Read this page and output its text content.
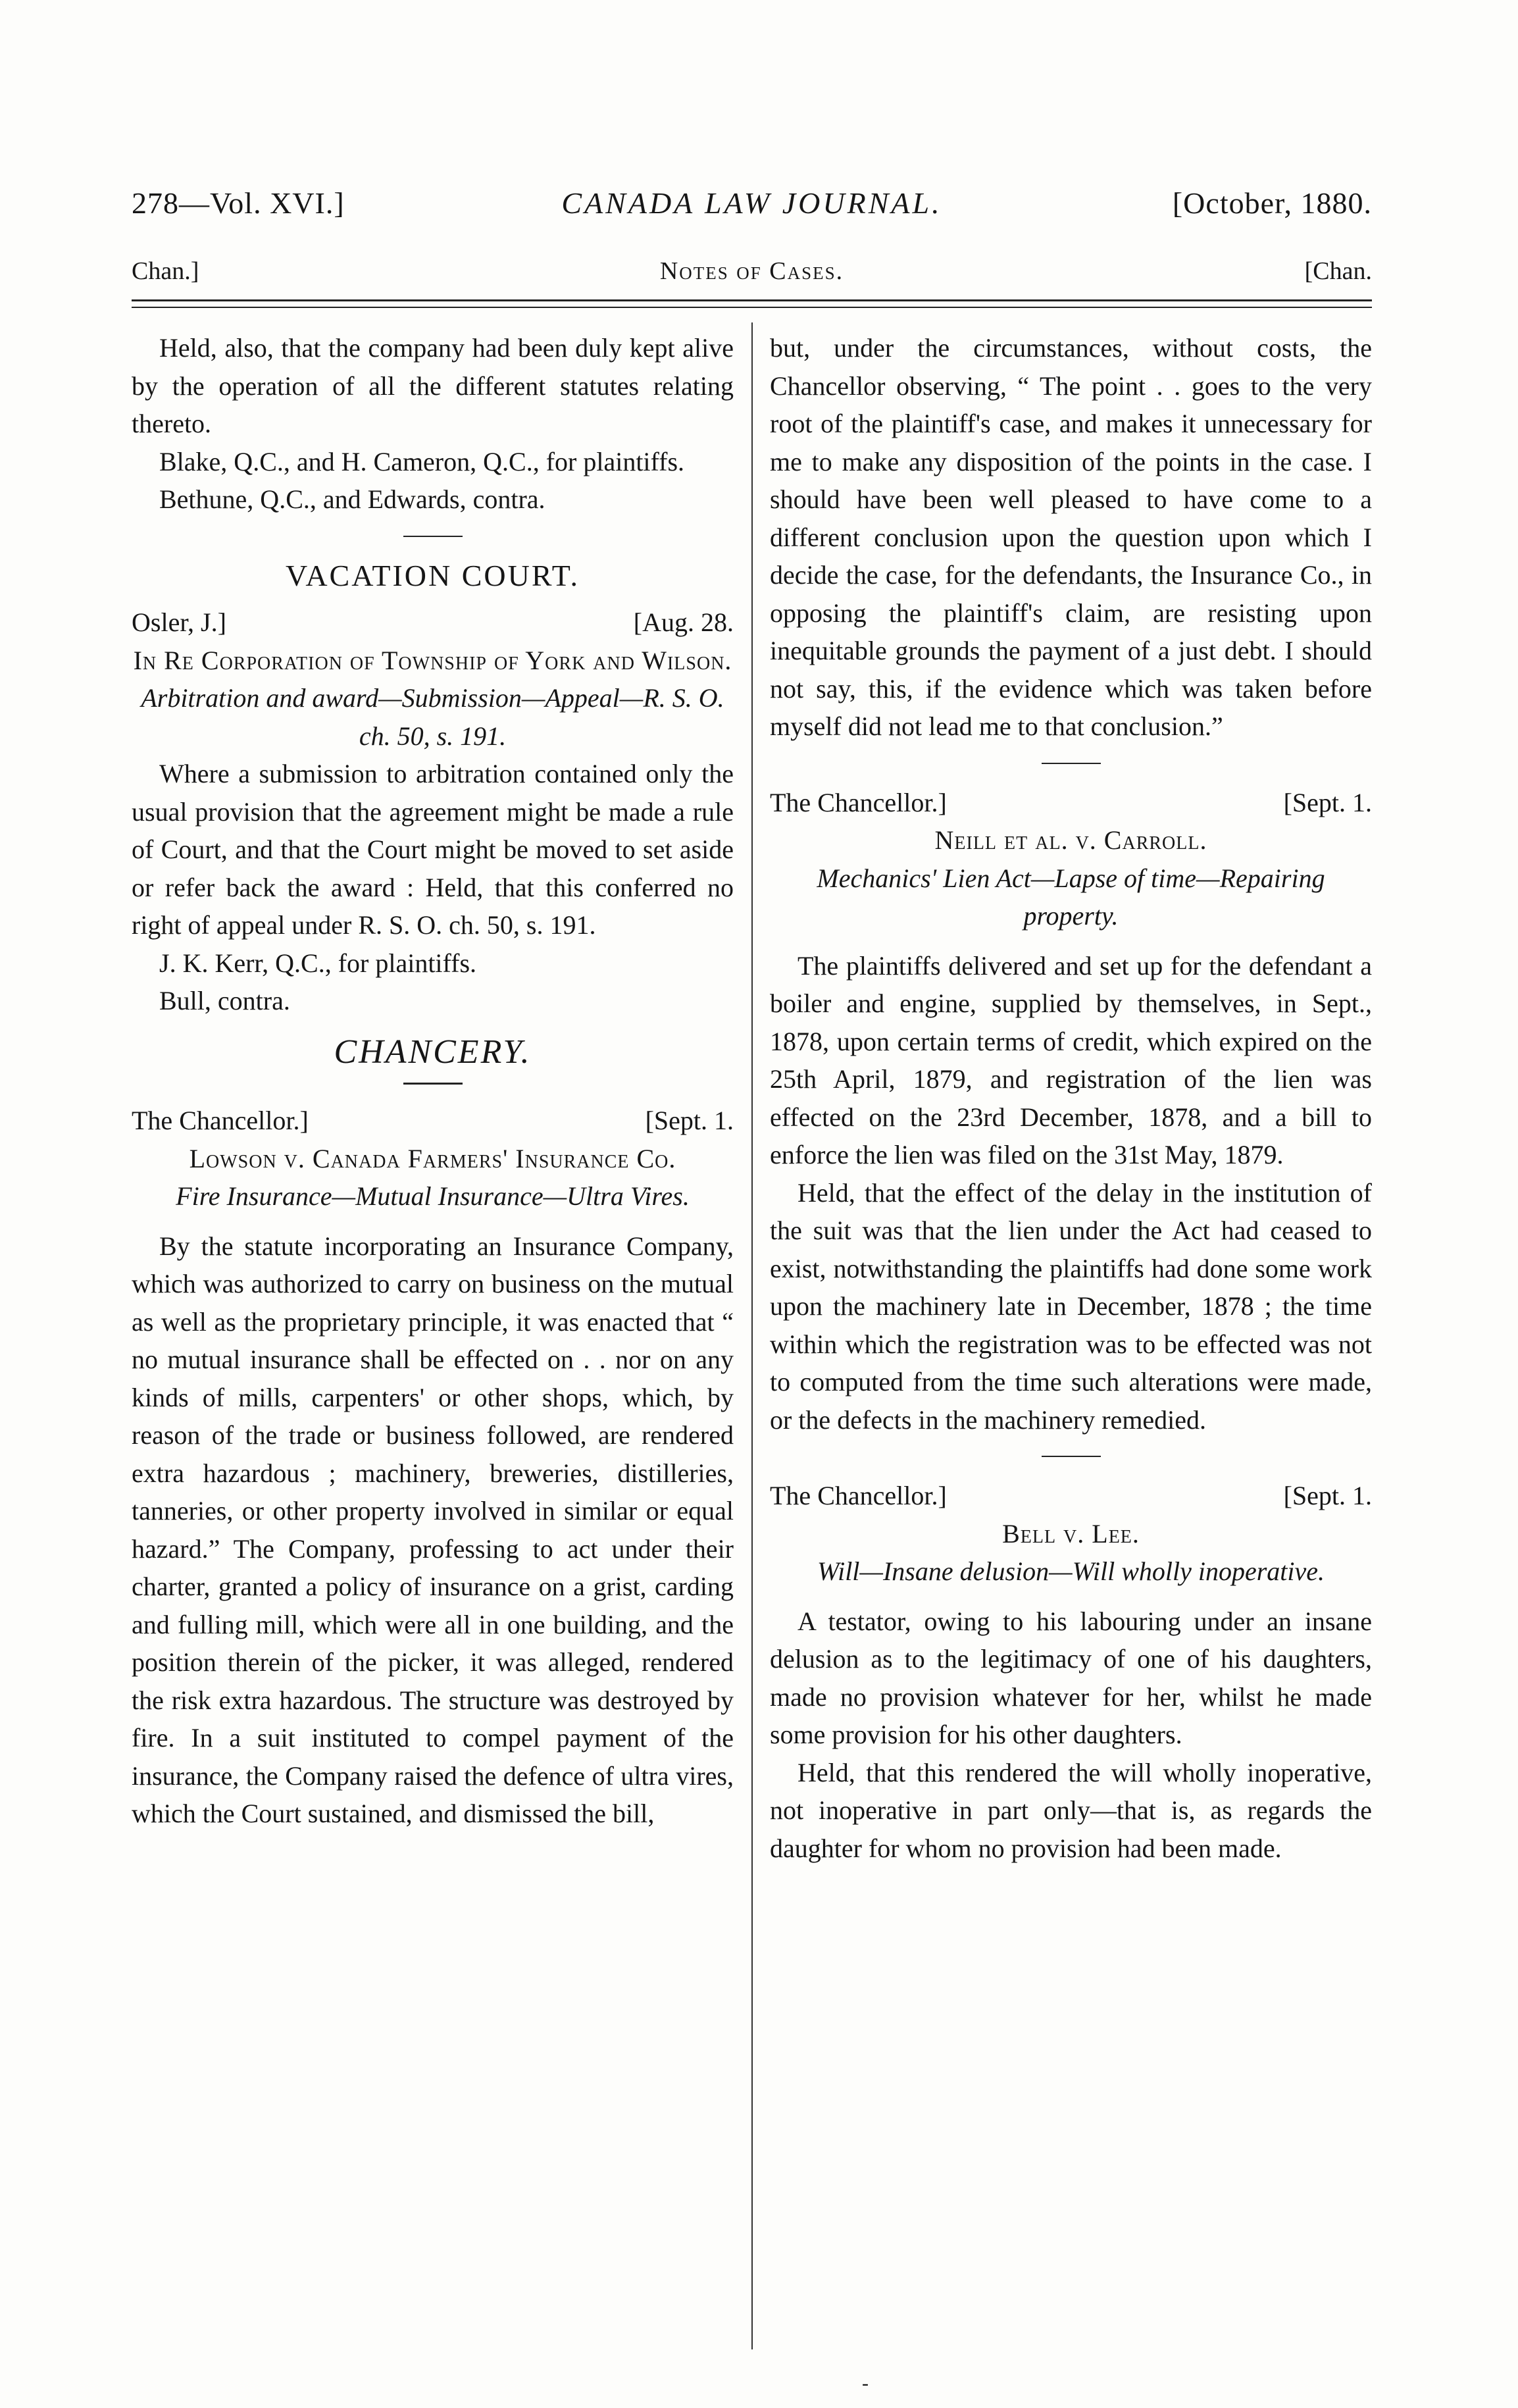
278—Vol. XVI.]	CANADA LAW JOURNAL.	[October, 1880.
Chan.]	Notes of Cases.	[Chan.

Held, also, that the company had been duly kept alive by the operation of all the different statutes relating thereto.

Blake, Q.C., and H. Cameron, Q.C., for plaintiffs.

Bethune, Q.C., and Edwards, contra.

VACATION COURT.
Osler, J.]	[Aug. 28.

In Re Corporation of Township of York and Wilson.

Arbitration and award—Submission—Appeal—R. S. O. ch. 50, s. 191.

Where a submission to arbitration contained only the usual provision that the agreement might be made a rule of Court, and that the Court might be moved to set aside or refer back the award : Held, that this conferred no right of appeal under R. S. O. ch. 50, s. 191.

J. K. Kerr, Q.C., for plaintiffs.

Bull, contra.

CHANCERY.
The Chancellor.]	[Sept. 1.

Lowson v. Canada Farmers' Insurance Co.

Fire Insurance—Mutual Insurance—Ultra Vires.

By the statute incorporating an Insurance Company, which was authorized to carry on business on the mutual as well as the proprietary principle, it was enacted that “ no mutual insurance shall be effected on . . nor on any kinds of mills, carpenters' or other shops, which, by reason of the trade or business followed, are rendered extra hazardous ; machinery, breweries, distilleries, tanneries, or other property involved in similar or equal hazard.” The Company, professing to act under their charter, granted a policy of insurance on a grist, carding and fulling mill, which were all in one building, and the position therein of the picker, it was alleged, rendered the risk extra hazardous. The structure was destroyed by fire. In a suit instituted to compel payment of the insurance, the Company raised the defence of ultra vires, which the Court sustained, and dismissed the bill,

but, under the circumstances, without costs, the Chancellor observing, “ The point . . goes to the very root of the plaintiff's case, and makes it unnecessary for me to make any disposition of the points in the case. I should have been well pleased to have come to a different conclusion upon the question upon which I decide the case, for the defendants, the Insurance Co., in opposing the plaintiff's claim, are resisting upon inequitable grounds the payment of a just debt. I should not say, this, if the evidence which was taken before myself did not lead me to that conclusion.”

The Chancellor.]	[Sept. 1.

Neill et al. v. Carroll.

Mechanics' Lien Act—Lapse of time—Repairing property.

The plaintiffs delivered and set up for the defendant a boiler and engine, supplied by themselves, in Sept., 1878, upon certain terms of credit, which expired on the 25th April, 1879, and registration of the lien was effected on the 23rd December, 1878, and a bill to enforce the lien was filed on the 31st May, 1879.

Held, that the effect of the delay in the institution of the suit was that the lien under the Act had ceased to exist, notwithstanding the plaintiffs had done some work upon the machinery late in December, 1878 ; the time within which the registration was to be effected was not to computed from the time such alterations were made, or the defects in the machinery remedied.

The Chancellor.]	[Sept. 1.

Bell v. Lee.

Will—Insane delusion—Will wholly inoperative.

A testator, owing to his labouring under an insane delusion as to the legitimacy of one of his daughters, made no provision whatever for her, whilst he made some provision for his other daughters.

Held, that this rendered the will wholly inoperative, not inoperative in part only—that is, as regards the daughter for whom no provision had been made.

-
